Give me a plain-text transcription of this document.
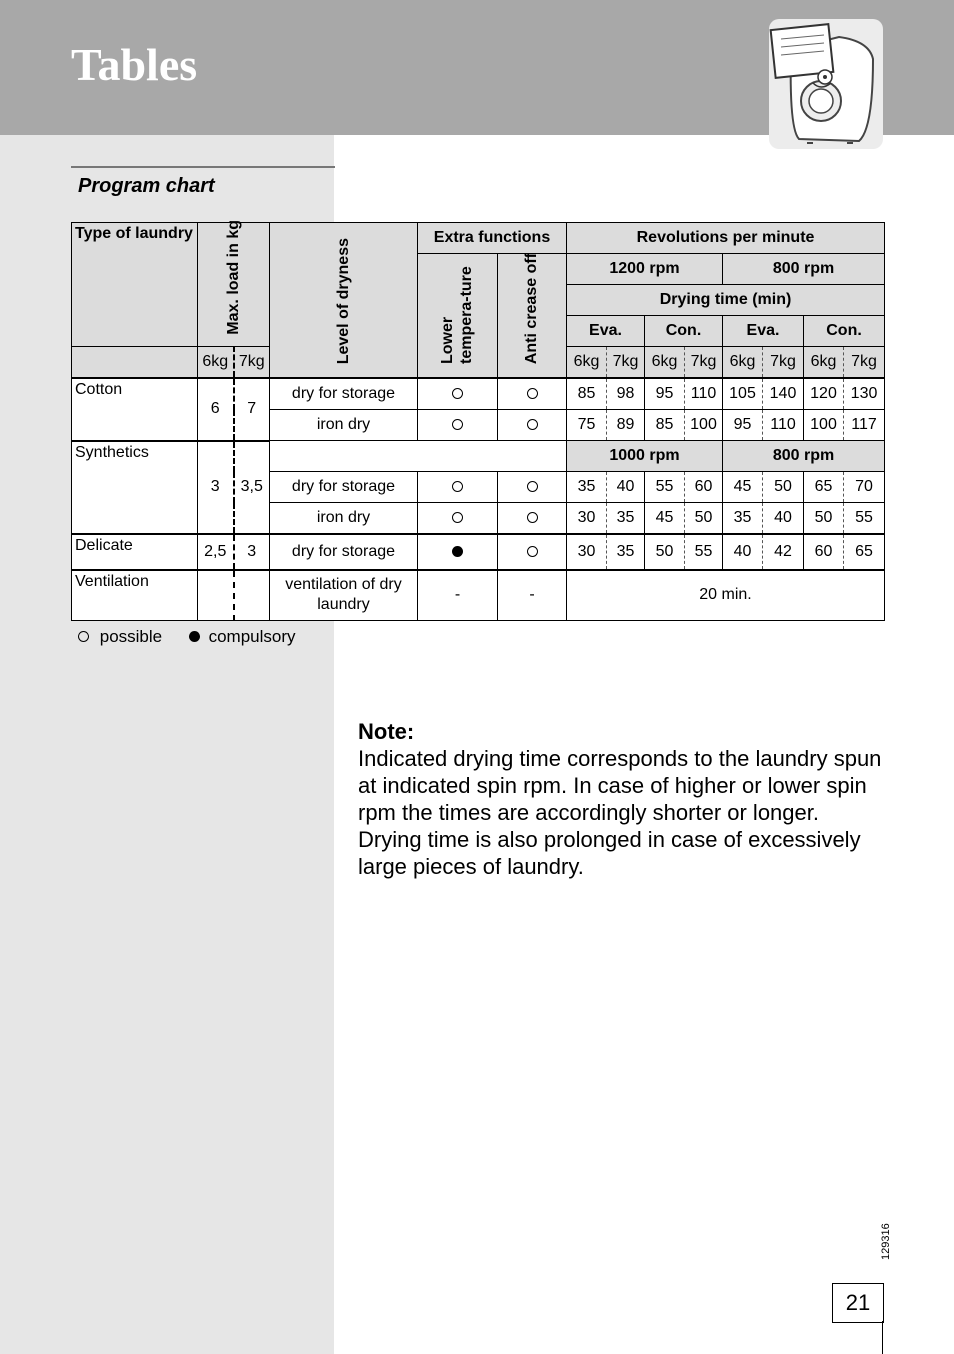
Tables
Program chart
Type of laundry	Max. load in kg		Level of dryness	Extra functions		Revolutions per minute							
				Lower tempera-ture	Anti crease off	1200 rpm				800 rpm			
						Drying time (min)							
						Eva.		Con.		Eva.		Con.	
	6kg	7kg				6kg	7kg	6kg	7kg	6kg	7kg	6kg	7kg
Cotton	6	7	dry for storage			85	98	95	110	105	140	120	130
			iron dry			75	89	85	100	95	110	100	117
Synthetics	3	3,5				1000 rpm				800 rpm			
			dry for storage			35	40	55	60	45	50	65	70
			iron dry			30	35	45	50	35	40	50	55
Delicate	2,5	3	dry for storage			30	35	50	55	40	42	60	65
Ventilation			ventilation of dry laundry	-	-	20 min.							
possible	compulsory

Note:

Indicated drying time corresponds to the laundry spun at indicated spin rpm. In case of higher or lower spin rpm the times are accordingly shorter or longer.

Drying time is also prolonged in case of excessively large pieces of laundry.

129316
21
